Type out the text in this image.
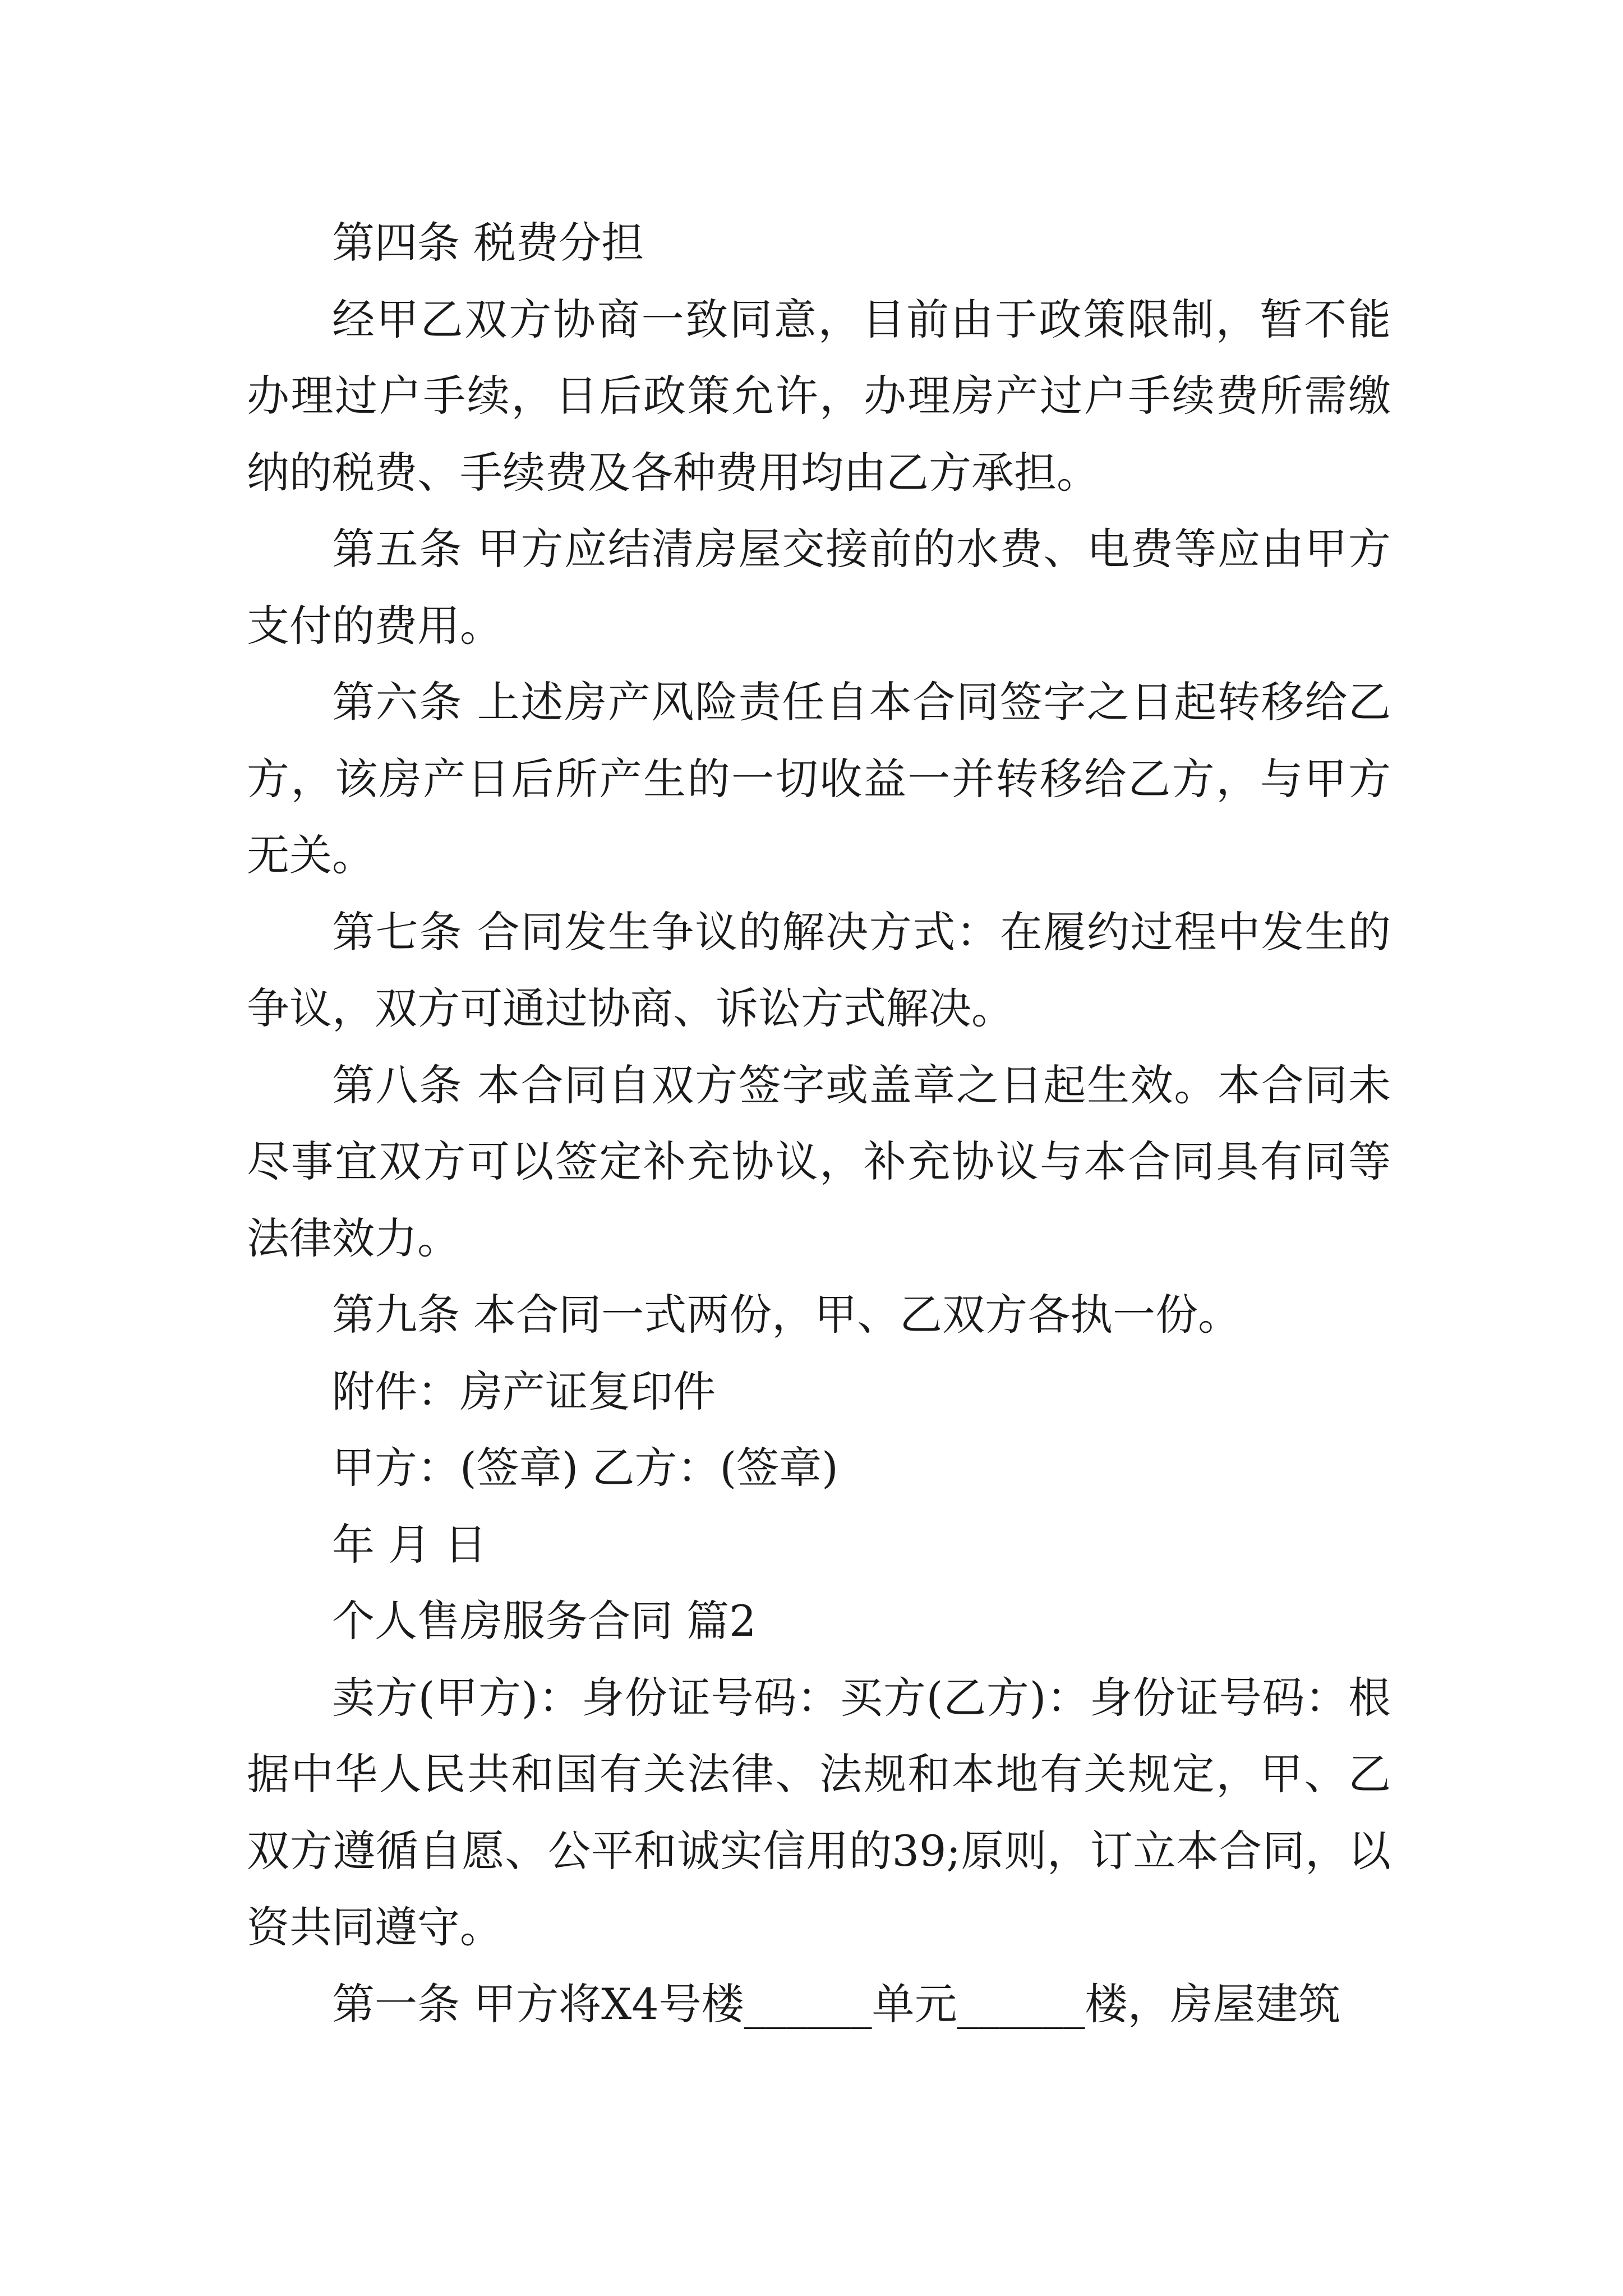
第四条 税费分担

经甲乙双方协商一致同意，目前由于政策限制，暂不能办理过户手续，日后政策允许，办理房产过户手续费所需缴纳的税费、手续费及各种费用均由乙方承担。

第五条 甲方应结清房屋交接前的水费、电费等应由甲方支付的费用。

第六条 上述房产风险责任自本合同签字之日起转移给乙方，该房产日后所产生的一切收益一并转移给乙方，与甲方无关。

第七条 合同发生争议的解决方式：在履约过程中发生的争议，双方可通过协商、诉讼方式解决。

第八条 本合同自双方签字或盖章之日起生效。本合同未尽事宜双方可以签定补充协议，补充协议与本合同具有同等法律效力。

第九条 本合同一式两份，甲、乙双方各执一份。

附件：房产证复印件

甲方：(签章) 乙方：(签章)

年 月 日

个人售房服务合同 篇2

卖方(甲方)：身份证号码：买方(乙方)：身份证号码：根据中华人民共和国有关法律、法规和本地有关规定，甲、乙双方遵循自愿、公平和诚实信用的39;原则，订立本合同，以资共同遵守。

第一条 甲方将X4号楼______单元______楼，房屋建筑
